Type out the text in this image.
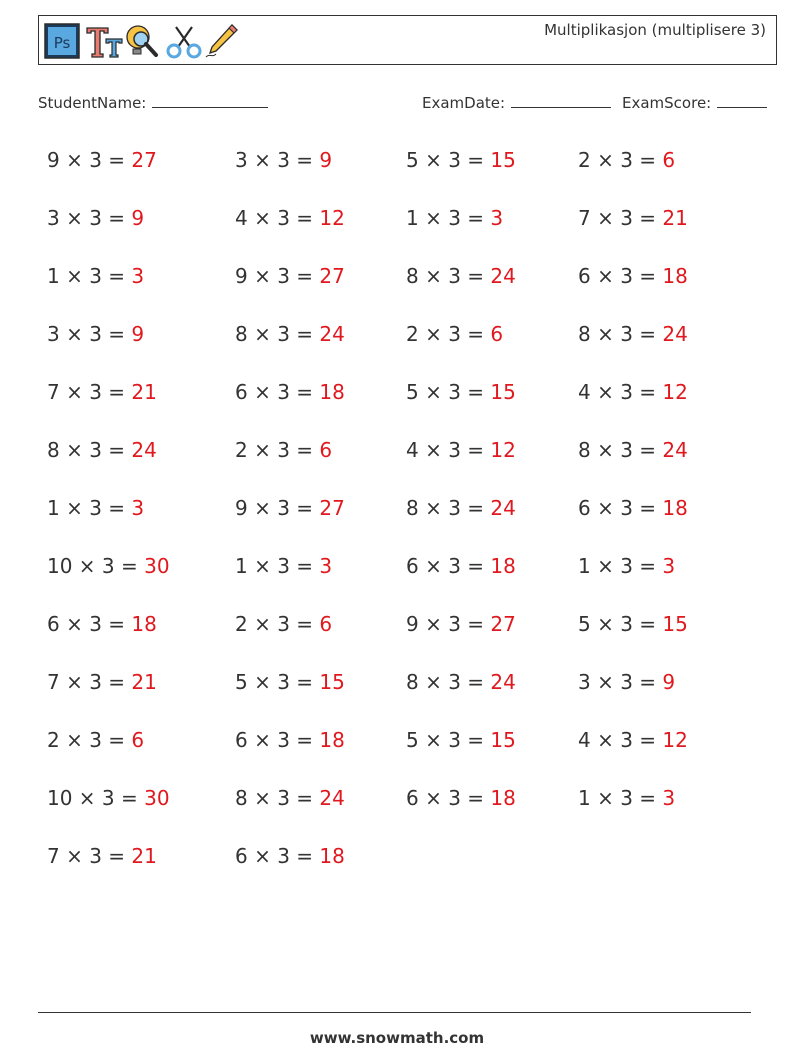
Ps
Multiplikasjon (multiplisere 3)
StudentName:	ExamDate:	ExamScore:
9 × 3 = 27	3 × 3 = 9	5 × 3 = 15	2 × 3 = 6
3 × 3 = 9	4 × 3 = 12	1 × 3 = 3	7 × 3 = 21
1 × 3 = 3	9 × 3 = 27	8 × 3 = 24	6 × 3 = 18
3 × 3 = 9	8 × 3 = 24	2 × 3 = 6	8 × 3 = 24
7 × 3 = 21	6 × 3 = 18	5 × 3 = 15	4 × 3 = 12
8 × 3 = 24	2 × 3 = 6	4 × 3 = 12	8 × 3 = 24
1 × 3 = 3	9 × 3 = 27	8 × 3 = 24	6 × 3 = 18
10 × 3 = 30	1 × 3 = 3	6 × 3 = 18	1 × 3 = 3
6 × 3 = 18	2 × 3 = 6	9 × 3 = 27	5 × 3 = 15
7 × 3 = 21	5 × 3 = 15	8 × 3 = 24	3 × 3 = 9
2 × 3 = 6	6 × 3 = 18	5 × 3 = 15	4 × 3 = 12
10 × 3 = 30	8 × 3 = 24	6 × 3 = 18	1 × 3 = 3
7 × 3 = 21	6 × 3 = 18
www.snowmath.com
